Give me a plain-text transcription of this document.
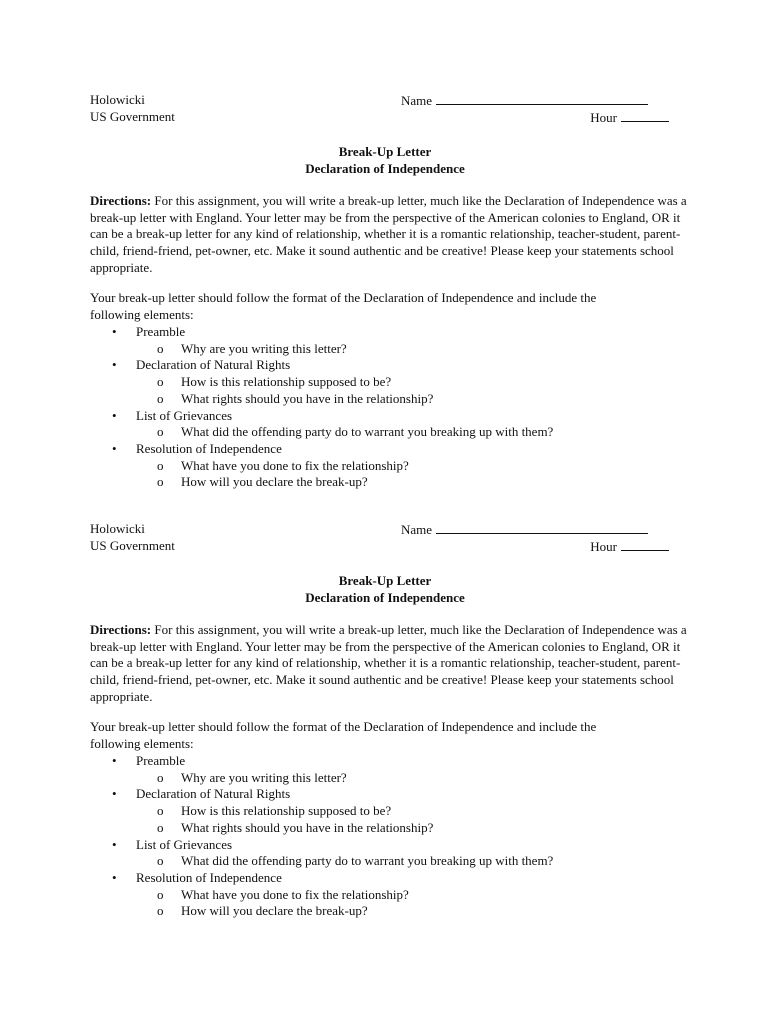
Holowicki	Name
US Government	Hour
Break-Up Letter
Declaration of Independence

Directions: For this assignment, you will write a break-up letter, much like the Declaration of Independence was a break-up letter with England. Your letter may be from the perspective of the American colonies to England, OR it can be a break-up letter for any kind of relationship, whether it is a romantic relationship, teacher-student, parent-child, friend-friend, pet-owner, etc. Make it sound authentic and be creative! Please keep your statements school appropriate.

Your break-up letter should follow the format of the Declaration of Independence and include the following elements:

• Preamble
o Why are you writing this letter?
• Declaration of Natural Rights
o How is this relationship supposed to be?
o What rights should you have in the relationship?
• List of Grievances
o What did the offending party do to warrant you breaking up with them?
• Resolution of Independence
o What have you done to fix the relationship?
o How will you declare the break-up?
Holowicki	Name
US Government	Hour
Break-Up Letter
Declaration of Independence

Directions: For this assignment, you will write a break-up letter, much like the Declaration of Independence was a break-up letter with England. Your letter may be from the perspective of the American colonies to England, OR it can be a break-up letter for any kind of relationship, whether it is a romantic relationship, teacher-student, parent-child, friend-friend, pet-owner, etc. Make it sound authentic and be creative! Please keep your statements school appropriate.

Your break-up letter should follow the format of the Declaration of Independence and include the following elements:

• Preamble
o Why are you writing this letter?
• Declaration of Natural Rights
o How is this relationship supposed to be?
o What rights should you have in the relationship?
• List of Grievances
o What did the offending party do to warrant you breaking up with them?
• Resolution of Independence
o What have you done to fix the relationship?
o How will you declare the break-up?
